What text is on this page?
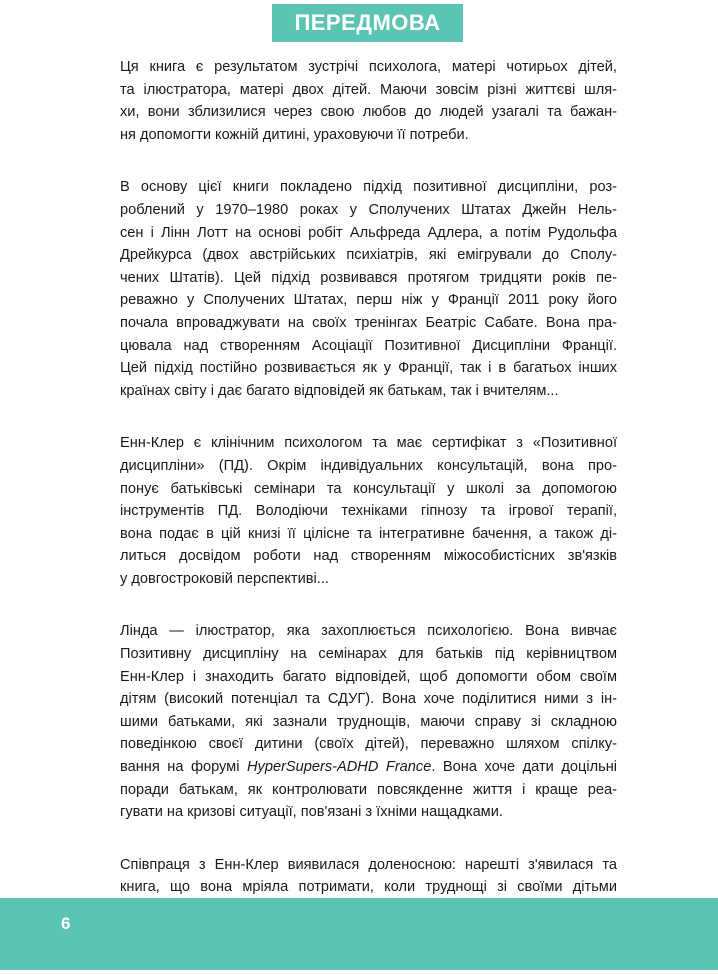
ПЕРЕДМОВА

Ця книга є результатом зустрічі психолога, матері чотирьох дітей,
та ілюстратора, матері двох дітей. Маючи зовсім різні життєві шля-
хи, вони зблизилися через свою любов до людей узагалі та бажан-
ня допомогти кожній дитині, ураховуючи її потреби.

В основу цієї книги покладено підхід позитивної дисципліни, роз-
роблений у 1970–1980 роках у Сполучених Штатах Джейн Нель-
сен і Лінн Лотт на основі робіт Альфреда Адлера, а потім Рудольфа
Дрейкурса (двох австрійських психіатрів, які емігрували до Сполу-
чених Штатів). Цей підхід розвивався протягом тридцяти років пе-
реважно у Сполучених Штатах, перш ніж у Франції 2011 року його
почала впроваджувати на своїх тренінгах Беатріс Сабате. Вона пра-
цювала над створенням Асоціації Позитивної Дисципліни Франції.
Цей підхід постійно розвивається як у Франції, так і в багатьох інших
країнах світу і дає багато відповідей як батькам, так і вчителям...

Енн-Клер є клінічним психологом та має сертифікат з «Позитивної
дисципліни» (ПД). Окрім індивідуальних консультацій, вона про-
понує батьківські семінари та консультації у школі за допомогою
інструментів ПД. Володіючи техніками гіпнозу та ігрової терапії,
вона подає в цій книзі її цілісне та інтегративне бачення, а також ді-
литься досвідом роботи над створенням міжособистісних зв'язків
у довгостроковій перспективі...

Лінда — ілюстратор, яка захоплюється психологією. Вона вивчає
Позитивну дисципліну на семінарах для батьків під керівництвом
Енн-Клер і знаходить багато відповідей, щоб допомогти обом своїм
дітям (високий потенціал та СДУГ). Вона хоче поділитися ними з ін-
шими батьками, які зазнали труднощів, маючи справу зі складною
поведінкою своєї дитини (своїх дітей), переважно шляхом спілку-
вання на форумі HyperSupers-ADHD France. Вона хоче дати доцільні
поради батькам, як контролювати повсякденне життя і краще реа-
гувати на кризові ситуації, пов'язані з їхніми нащадками.

Співпраця з Енн-Клер виявилася доленосною: нарешті з'явилася та
книга, що вона мріяла потримати, коли труднощі зі своїми дітьми

6
